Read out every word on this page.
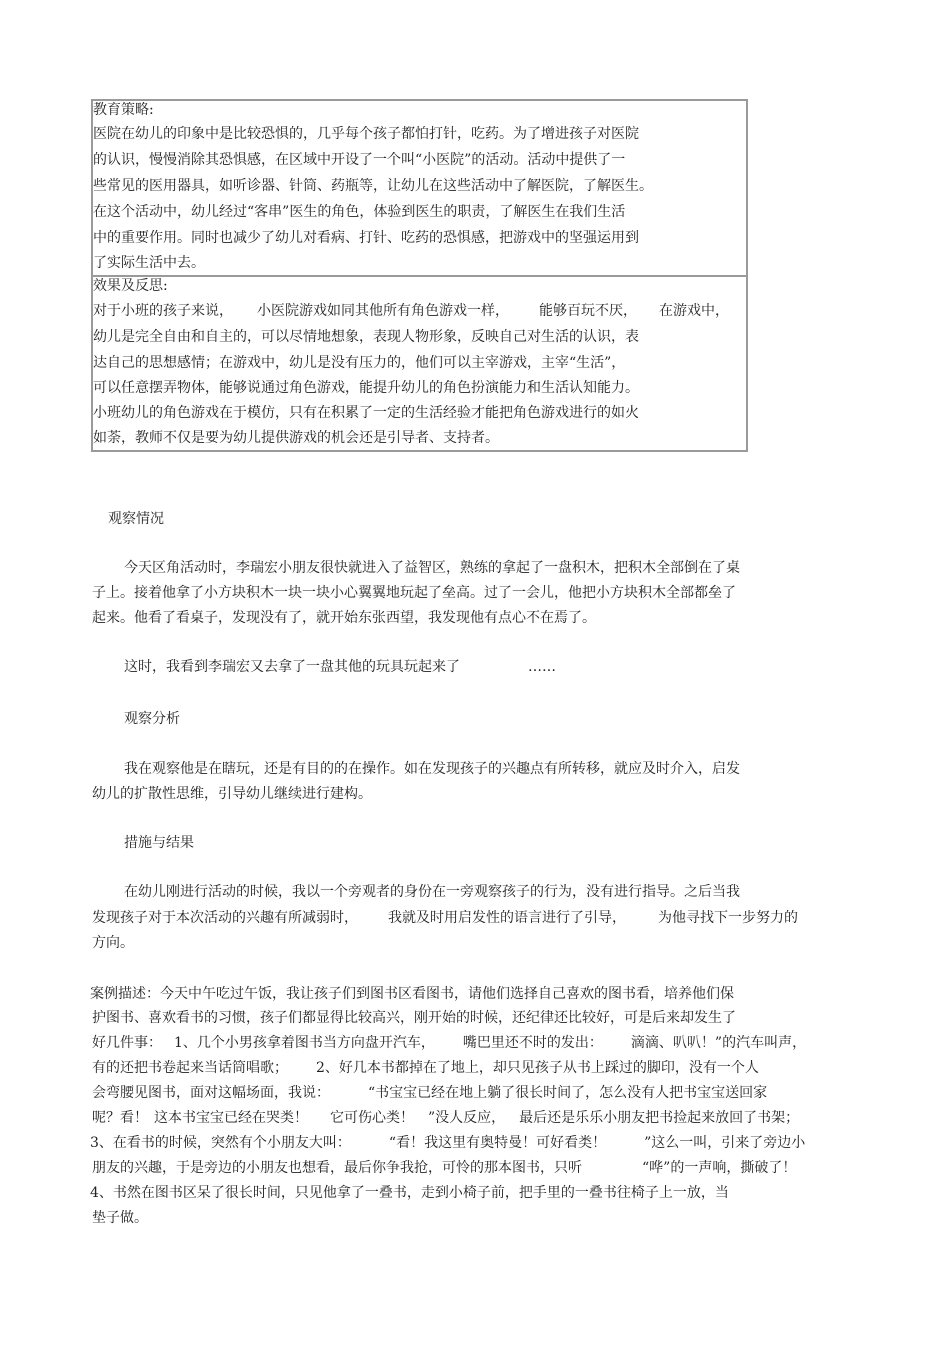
教育策略:
医院在幼儿的印象中是比较恐惧的，几乎每个孩子都怕打针，吃药。为了增进孩子对医院
的认识，慢慢消除其恐惧感，在区域中开设了一个叫“小医院”的活动。活动中提供了一
些常见的医用器具，如听诊器、针筒、药瓶等，让幼儿在这些活动中了解医院，了解医生。
在这个活动中，幼儿经过“客串”医生的角色，体验到医生的职责，了解医生在我们生活
中的重要作用。同时也减少了幼儿对看病、打针、吃药的恐惧感，把游戏中的坚强运用到
了实际生活中去。
效果及反思:
对于小班的孩子来说， 小医院游戏如同其他所有角色游戏一样， 能够百玩不厌， 在游戏中，
幼儿是完全自由和自主的，可以尽情地想象，表现人物形象，反映自己对生活的认识，表
达自己的思想感情；在游戏中，幼儿是没有压力的，他们可以主宰游戏，主宰“生活”，
可以任意摆弄物体，能够说通过角色游戏，能提升幼儿的角色扮演能力和生活认知能力。
小班幼儿的角色游戏在于模仿，只有在积累了一定的生活经验才能把角色游戏进行的如火
如荼，教师不仅是要为幼儿提供游戏的机会还是引导者、支持者。
观察情况
今天区角活动时，李瑞宏小朋友很快就进入了益智区，熟练的拿起了一盘积木，把积木全部倒在了桌
子上。接着他拿了小方块积木一块一块小心翼翼地玩起了垒高。过了一会儿，他把小方块积木全部都垒了
起来。他看了看桌子，发现没有了，就开始东张西望，我发现他有点心不在焉了。
这时，我看到李瑞宏又去拿了一盘其他的玩具玩起来了	……
观察分析
我在观察他是在瞎玩，还是有目的的在操作。如在发现孩子的兴趣点有所转移，就应及时介入，启发
幼儿的扩散性思维，引导幼儿继续进行建构。
措施与结果
在幼儿刚进行活动的时候，我以一个旁观者的身份在一旁观察孩子的行为，没有进行指导。之后当我
发现孩子对于本次活动的兴趣有所减弱时， 我就及时用启发性的语言进行了引导， 为他寻找下一步努力的
方向。
案例描述：今天中午吃过午饭，我让孩子们到图书区看图书，请他们选择自己喜欢的图书看，培养他们保
护图书、喜欢看书的习惯，孩子们都显得比较高兴，刚开始的时候，还纪律还比较好，可是后来却发生了
好几件事： 1、几个小男孩拿着图书当方向盘开汽车， 嘴巴里还不时的发出： 滴滴、叭叭！”的汽车叫声，
有的还把书卷起来当话筒唱歌； 2、好几本书都掉在了地上，却只见孩子从书上踩过的脚印，没有一个人
会弯腰见图书，面对这幅场面，我说：	“书宝宝已经在地上躺了很长时间了，怎么没有人把书宝宝送回家
呢？看！ 这本书宝宝已经在哭类！ 它可伤心类！ ”没人反应， 最后还是乐乐小朋友把书捡起来放回了书架；
3、在看书的时候，突然有个小朋友大叫：	“看！我这里有奥特曼！可好看类！	”这么一叫，引来了旁边小
朋友的兴趣，于是旁边的小朋友也想看，最后你争我抢，可怜的那本图书，只听	“哗”的一声响，撕破了！
4、书然在图书区呆了很长时间，只见他拿了一叠书，走到小椅子前，把手里的一叠书往椅子上一放，当
垫子做。
